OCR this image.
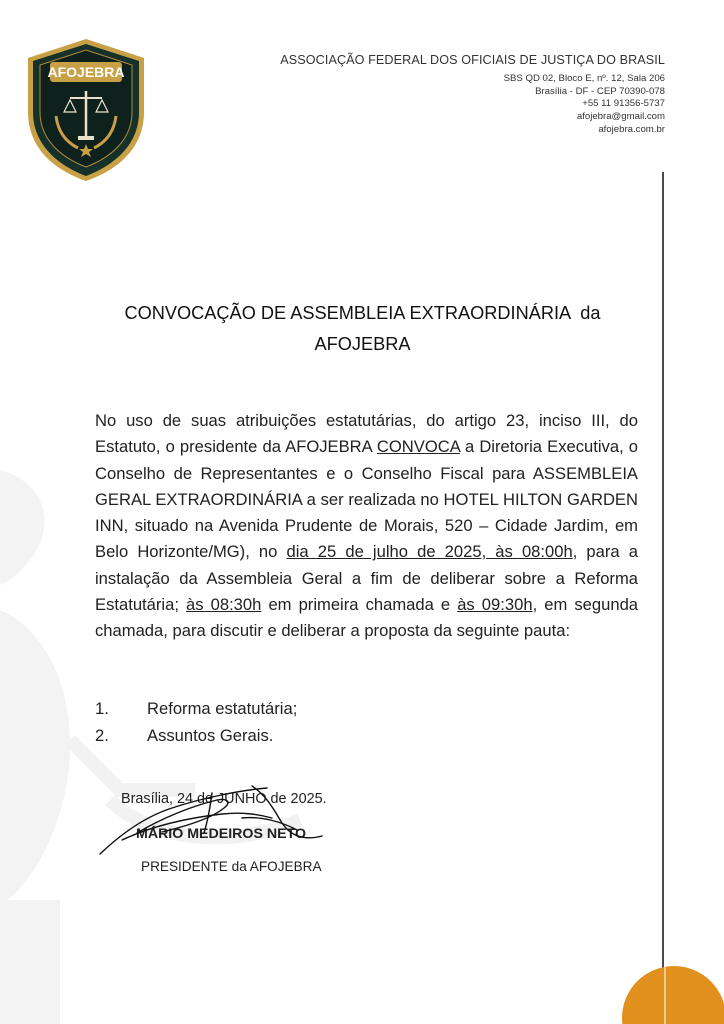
AFOJEBRA
ASSOCIAÇÃO FEDERAL DOS OFICIAIS DE JUSTIÇA DO BRASIL
SBS QD 02, Bloco E, nº. 12, Sala 206
Brasília - DF - CEP 70390-078
+55 11 91356-5737
afojebra@gmail.com
afojebra.com.br
CONVOCAÇÃO DE ASSEMBLEIA EXTRAORDINÁRIA  da
AFOJEBRA

No uso de suas atribuições estatutárias, do artigo 23, inciso III, do Estatuto, o presidente da AFOJEBRA CONVOCA a Diretoria Executiva, o Conselho de Representantes e o Conselho Fiscal para ASSEMBLEIA GERAL EXTRAORDINÁRIA a ser realizada no HOTEL HILTON GARDEN INN, situado na Avenida Prudente de Morais, 520 – Cidade Jardim, em Belo Horizonte/MG), no dia 25 de julho de 2025, às 08:00h, para a instalação da Assembleia Geral a fim de deliberar sobre a Reforma Estatutária; às 08:30h em primeira chamada e às 09:30h, em segunda chamada, para discutir e deliberar a proposta da seguinte pauta:

1.	Reforma estatutária;
2.	Assuntos Gerais.
Brasília, 24 de JUNHO de 2025.
MÁRIO MEDEIROS NETO
PRESIDENTE da AFOJEBRA
